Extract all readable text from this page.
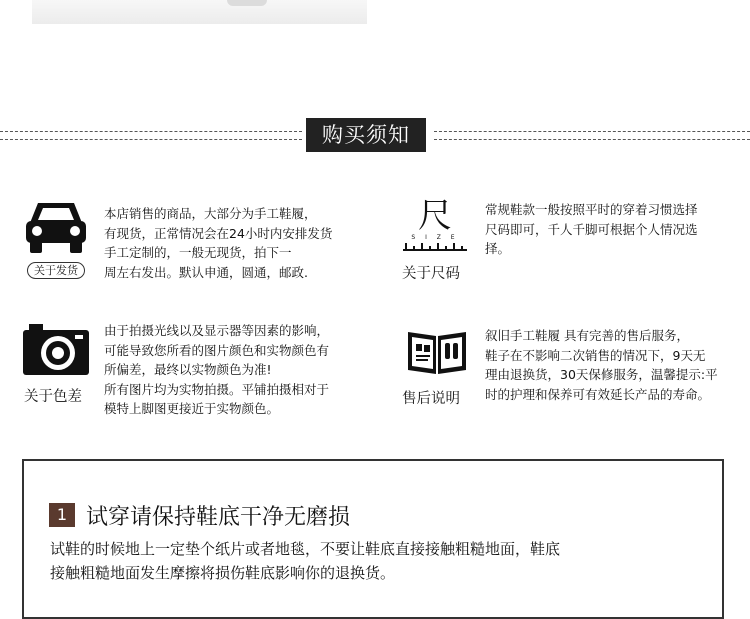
购买须知
关于发货
本店销售的商品，大部分为手工鞋履，
有现货，正常情况会在24小时内安排发货
手工定制的，一般无现货，拍下一
周左右发出。默认申通，圆通，邮政.
尺
S I Z E
关于尺码
常规鞋款一般按照平时的穿着习惯选择
尺码即可，千人千脚可根据个人情况选
择。
关于色差
由于拍摄光线以及显示器等因素的影响，
可能导致您所看的图片颜色和实物颜色有
所偏差，最终以实物颜色为准!
所有图片均为实物拍摄。平铺拍摄相对于
模特上脚图更接近于实物颜色。
售后说明
叙旧手工鞋履 具有完善的售后服务，
鞋子在不影响二次销售的情况下，9天无
理由退换货，30天保修服务，温馨提示:平
时的护理和保养可有效延长产品的寿命。
1 试穿请保持鞋底干净无磨损
试鞋的时候地上一定垫个纸片或者地毯，不要让鞋底直接接触粗糙地面，鞋底
接触粗糙地面发生摩擦将损伤鞋底影响你的退换货。
